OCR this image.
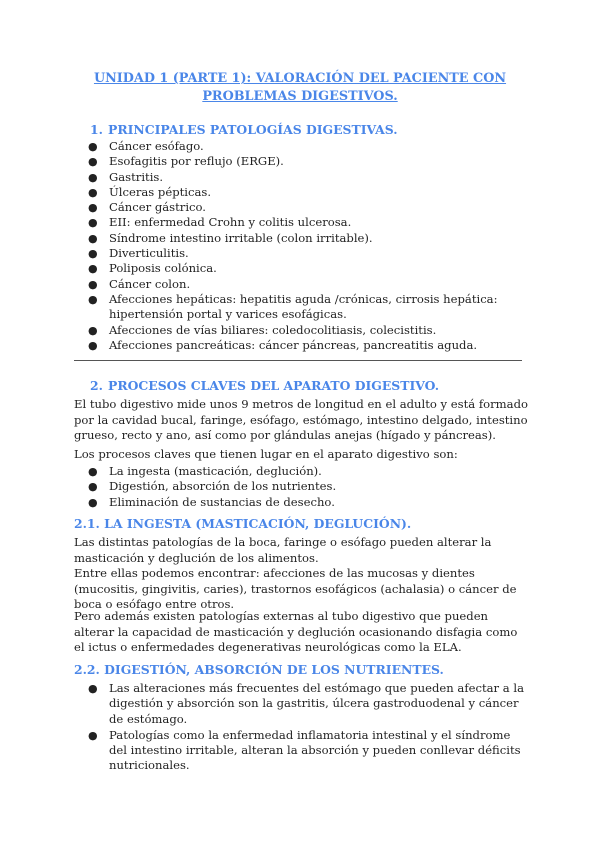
UNIDAD 1 (PARTE 1): VALORACIÓN DEL PACIENTE CON
PROBLEMAS DIGESTIVOS.
1. PRINCIPALES PATOLOGÍAS DIGESTIVAS.
● Cáncer esófago.
● Esofagitis por reflujo (ERGE).
● Gastritis.
● Úlceras pépticas.
● Cáncer gástrico.
● EII: enfermedad Crohn y colitis ulcerosa.
● Síndrome intestino irritable (colon irritable).
● Diverticulitis.
● Poliposis colónica.
● Cáncer colon.
● Afecciones hepáticas: hepatitis aguda /crónicas, cirrosis hepática: hipertensión portal y varices esofágicas.
● Afecciones de vías biliares: coledocolitiasis, colecistitis.
● Afecciones pancreáticas: cáncer páncreas, pancreatitis aguda.
2. PROCESOS CLAVES DEL APARATO DIGESTIVO.
El tubo digestivo mide unos 9 metros de longitud en el adulto y está formado por la cavidad bucal, faringe, esófago, estómago, intestino delgado, intestino grueso, recto y ano, así como por glándulas anejas (hígado y páncreas).
Los procesos claves que tienen lugar en el aparato digestivo son:
● La ingesta (masticación, deglución).
● Digestión, absorción de los nutrientes.
● Eliminación de sustancias de desecho.
2.1. LA INGESTA (MASTICACIÓN, DEGLUCIÓN).
Las distintas patologías de la boca, faringe o esófago pueden alterar la masticación y deglución de los alimentos.
Entre ellas podemos encontrar: afecciones de las mucosas y dientes (mucositis, gingivitis, caries), trastornos esofágicos (achalasia) o cáncer de boca o esófago entre otros.
Pero además existen patologías externas al tubo digestivo que pueden alterar la capacidad de masticación y deglución ocasionando disfagia como el ictus o enfermedades degenerativas neurológicas como la ELA.
2.2. DIGESTIÓN, ABSORCIÓN DE LOS NUTRIENTES.
● Las alteraciones más frecuentes del estómago que pueden afectar a la digestión y absorción son la gastritis, úlcera gastroduodenal y cáncer de estómago.
● Patologías como la enfermedad inflamatoria intestinal y el síndrome del intestino irritable, alteran la absorción y pueden conllevar déficits nutricionales.
